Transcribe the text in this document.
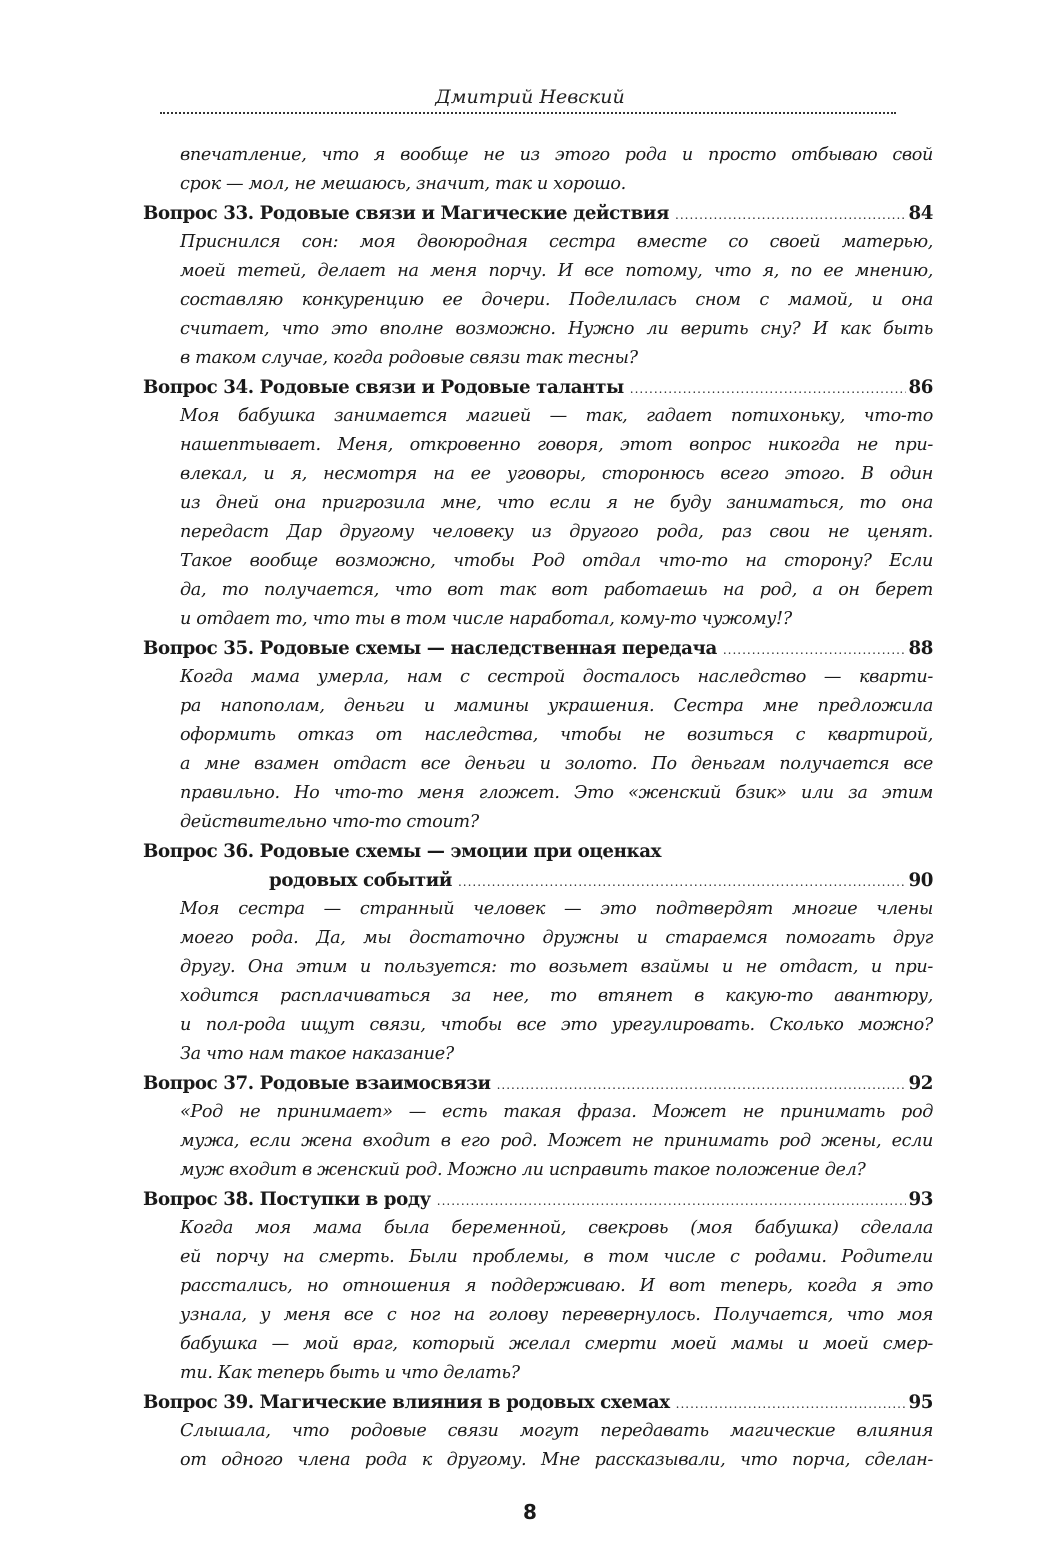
Дмитрий Невский
впечатление, что я вообще не из этого рода и просто отбываю свой
срок — мол, не мешаюсь, значит, так и хорошо.
Вопрос 33. Родовые связи и Магические действия .....	84
Приснился сон: моя двоюродная сестра вместе со своей матерью,
моей тетей, делает на меня порчу. И все потому, что я, по ее мнению,
составляю конкуренцию ее дочери. Поделилась сном с мамой, и она
считает, что это вполне возможно. Нужно ли верить сну? И как быть
в таком случае, когда родовые связи так тесны?
Вопрос 34. Родовые связи и Родовые таланты .....	86
Моя бабушка занимается магией — так, гадает потихоньку, что-то
нашептывает. Меня, откровенно говоря, этот вопрос никогда не при-
влекал, и я, несмотря на ее уговоры, сторонюсь всего этого. В один
из дней она пригрозила мне, что если я не буду заниматься, то она
передаст Дар другому человеку из другого рода, раз свои не ценят.
Такое вообще возможно, чтобы Род отдал что-то на сторону? Если
да, то получается, что вот так вот работаешь на род, а он берет
и отдает то, что ты в том числе наработал, кому-то чужому!?
Вопрос 35. Родовые схемы — наследственная передача .....	88
Когда мама умерла, нам с сестрой досталось наследство — кварти-
ра напополам, деньги и мамины украшения. Сестра мне предложила
оформить отказ от наследства, чтобы не возиться с квартирой,
а мне взамен отдаст все деньги и золото. По деньгам получается все
правильно. Но что-то меня гложет. Это «женский бзик» или за этим
действительно что-то стоит?
Вопрос 36. Родовые схемы — эмоции при оценках
родовых событий .....	90
Моя сестра — странный человек — это подтвердят многие члены
моего рода. Да, мы достаточно дружны и стараемся помогать друг
другу. Она этим и пользуется: то возьмет взаймы и не отдаст, и при-
ходится расплачиваться за нее, то втянет в какую-то авантюру,
и пол-рода ищут связи, чтобы все это урегулировать. Сколько можно?
За что нам такое наказание?
Вопрос 37. Родовые взаимосвязи .....	92
«Род не принимает» — есть такая фраза. Может не принимать род
мужа, если жена входит в его род. Может не принимать род жены, если
муж входит в женский род. Можно ли исправить такое положение дел?
Вопрос 38. Поступки в роду .....	93
Когда моя мама была беременной, свекровь (моя бабушка) сделала
ей порчу на смерть. Были проблемы, в том числе с родами. Родители
расстались, но отношения я поддерживаю. И вот теперь, когда я это
узнала, у меня все с ног на голову перевернулось. Получается, что моя
бабушка — мой враг, который желал смерти моей мамы и моей смер-
ти. Как теперь быть и что делать?
Вопрос 39. Магические влияния в родовых схемах .....	95
Слышала, что родовые связи могут передавать магические влияния
от одного члена рода к другому. Мне рассказывали, что порча, сделан-
8
